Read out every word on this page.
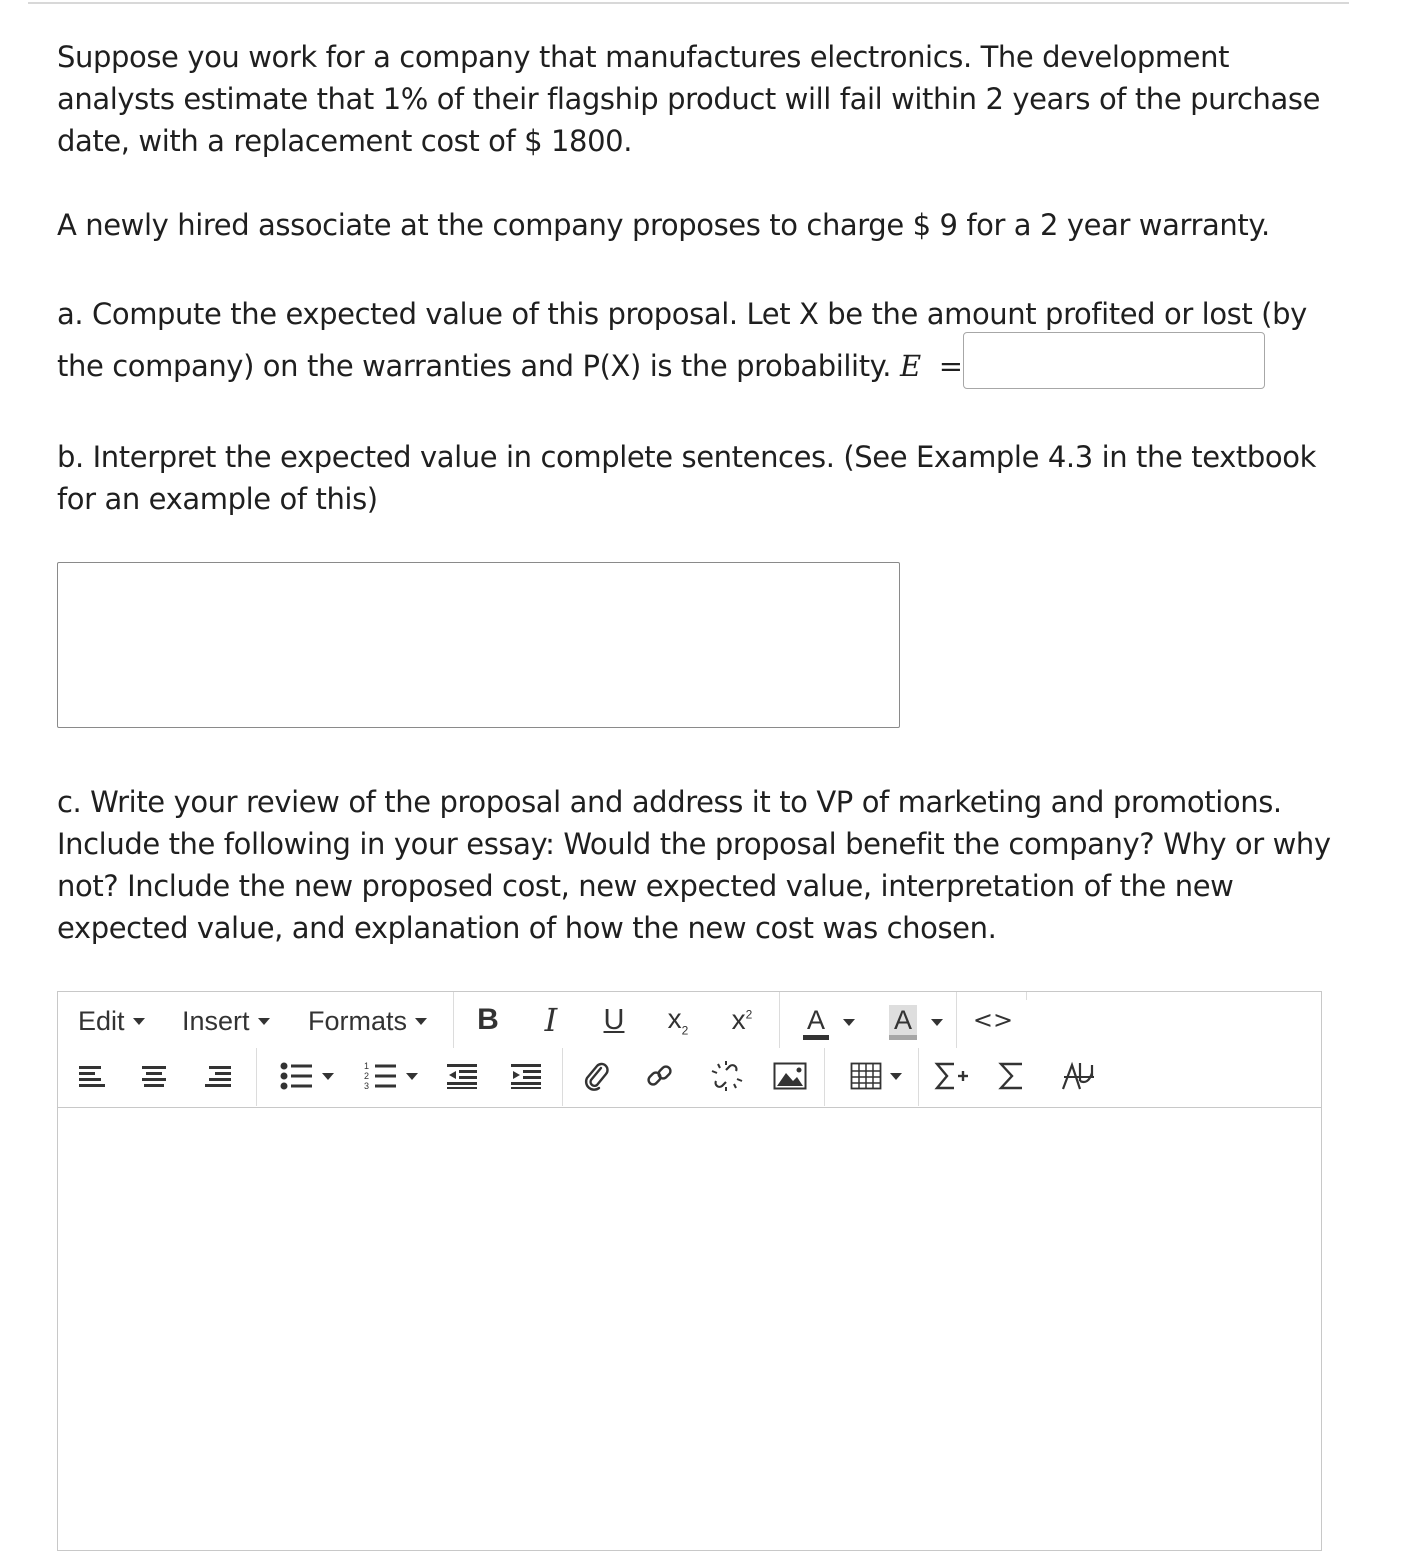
Suppose you work for a company that manufactures electronics. The development analysts estimate that 1% of their flagship product will fail within 2 years of the purchase date, with a replacement cost of $ 1800.

A newly hired associate at the company proposes to charge $ 9 for a 2 year warranty.

a. Compute the expected value of this proposal. Let X be the amount profited or lost (by the company) on the warranties and P(X) is the probability. E =

b. Interpret the expected value in complete sentences. (See Example 4.3 in the textbook for an example of this)

c. Write your review of the proposal and address it to VP of marketing and promotions. Include the following in your essay: Would the proposal benefit the company? Why or why not? Include the new proposed cost, new expected value, interpretation of the new expected value, and explanation of how the new cost was chosen.

Edit Insert Formats B I U $x_2$ $x^2$ A	A	<>
1
2
3
